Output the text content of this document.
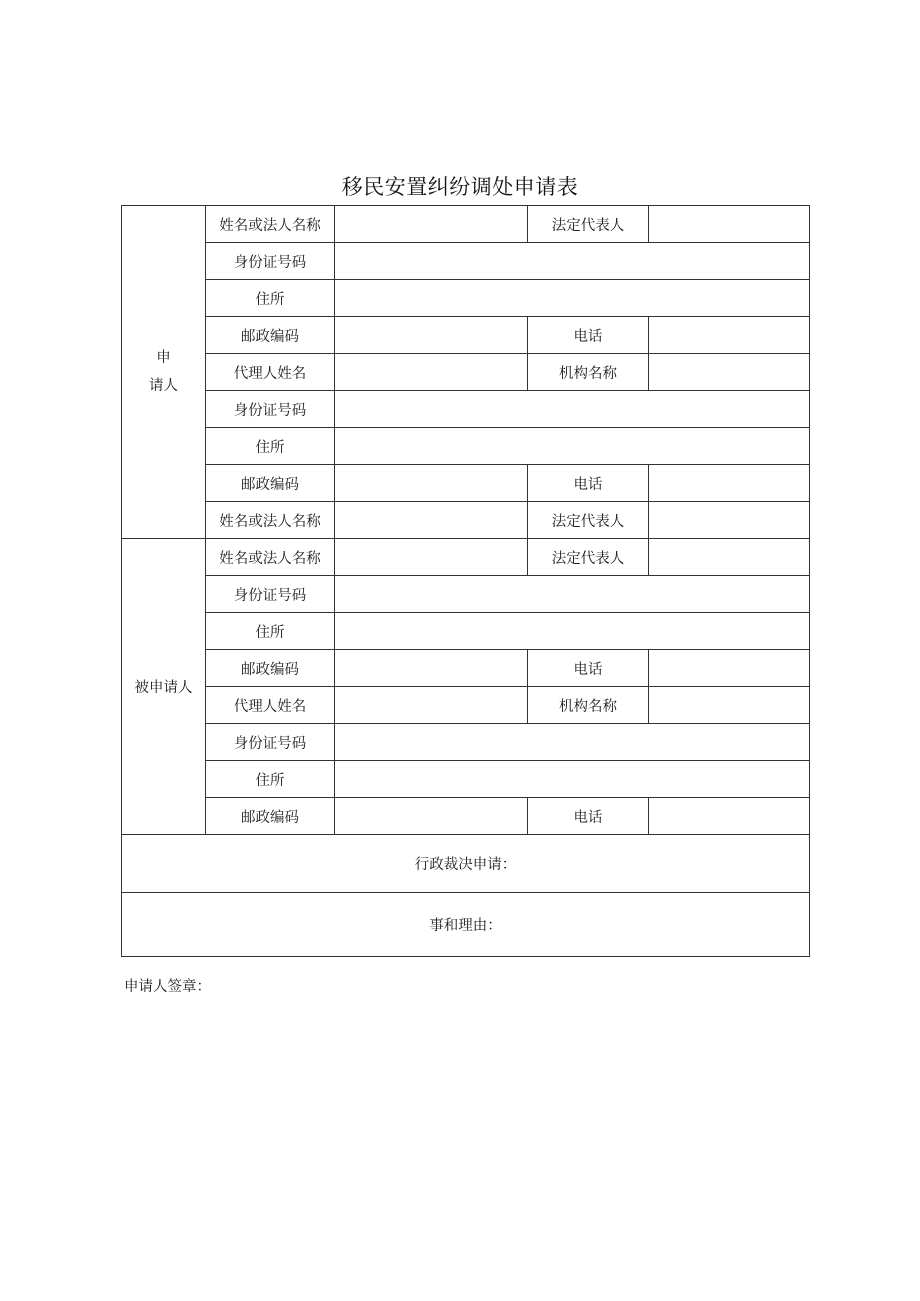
移民安置纠纷调处申请表
申
请人	姓名或法人名称		法定代表人	
	身份证号码			
	住所			
	邮政编码		电话	
	代理人姓名		机构名称	
	身份证号码			
	住所			
	邮政编码		电话	
	姓名或法人名称		法定代表人	
被申请人	姓名或法人名称		法定代表人	
	身份证号码			
	住所			
	邮政编码		电话	
	代理人姓名		机构名称	
	身份证号码			
	住所			
	邮政编码		电话	
行政裁决申请：				
事和理由：				
申请人签章：
